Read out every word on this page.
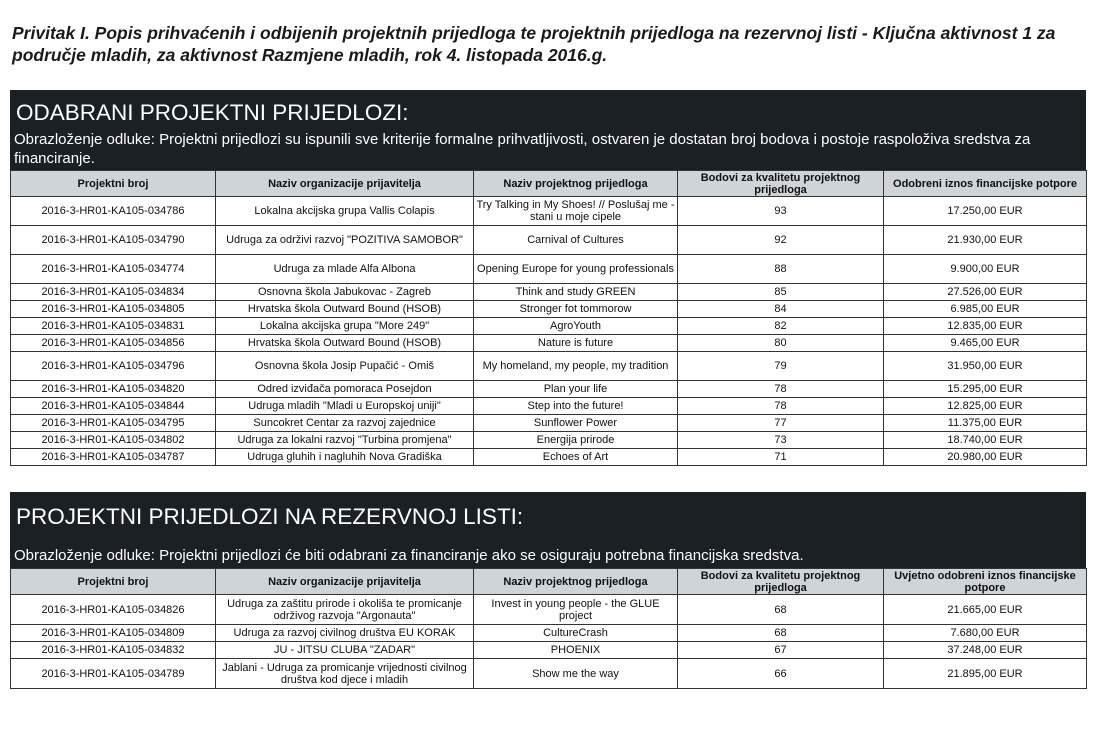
Privitak I. Popis prihvaćenih i odbijenih projektnih prijedloga te projektnih prijedloga na rezervnoj listi - Ključna aktivnost 1 za područje mladih, za aktivnost Razmjene mladih, rok 4. listopada 2016.g.
ODABRANI PROJEKTNI PRIJEDLOZI:
Obrazloženje odluke: Projektni prijedlozi su ispunili sve kriterije formalne prihvatljivosti, ostvaren je dostatan broj bodova i postoje raspoloživa sredstva za financiranje.
Projektni broj	Naziv organizacije prijavitelja	Naziv projektnog prijedloga	Bodovi za kvalitetu projektnog prijedloga	Odobreni iznos financijske potpore
2016-3-HR01-KA105-034786	Lokalna akcijska grupa Vallis Colapis	Try Talking in My Shoes! // Poslušaj me - stani u moje cipele	93	17.250,00 EUR
2016-3-HR01-KA105-034790	Udruga za održivi razvoj "POZITIVA SAMOBOR"	Carnival of Cultures	92	21.930,00 EUR
2016-3-HR01-KA105-034774	Udruga za mlade Alfa Albona	Opening Europe for young professionals	88	9.900,00 EUR
2016-3-HR01-KA105-034834	Osnovna škola Jabukovac - Zagreb	Think and study GREEN	85	27.526,00 EUR
2016-3-HR01-KA105-034805	Hrvatska škola Outward Bound (HSOB)	Stronger fot tommorow	84	6.985,00 EUR
2016-3-HR01-KA105-034831	Lokalna akcijska grupa "More 249"	AgroYouth	82	12.835,00 EUR
2016-3-HR01-KA105-034856	Hrvatska škola Outward Bound (HSOB)	Nature is future	80	9.465,00 EUR
2016-3-HR01-KA105-034796	Osnovna škola Josip Pupačić - Omiš	My homeland, my people, my tradition	79	31.950,00 EUR
2016-3-HR01-KA105-034820	Odred izviđača pomoraca Posejdon	Plan your life	78	15.295,00 EUR
2016-3-HR01-KA105-034844	Udruga mladih "Mladi u Europskoj uniji"	Step into the future!	78	12.825,00 EUR
2016-3-HR01-KA105-034795	Suncokret Centar za razvoj zajednice	Sunflower Power	77	11.375,00 EUR
2016-3-HR01-KA105-034802	Udruga za lokalni razvoj "Turbina promjena"	Energija prirode	73	18.740,00 EUR
2016-3-HR01-KA105-034787	Udruga gluhih i nagluhih Nova Gradiška	Echoes of Art	71	20.980,00 EUR
PROJEKTNI PRIJEDLOZI NA REZERVNOJ LISTI:
Obrazloženje odluke: Projektni prijedlozi će biti odabrani za financiranje ako se osiguraju potrebna financijska sredstva.
Projektni broj	Naziv organizacije prijavitelja	Naziv projektnog prijedloga	Bodovi za kvalitetu projektnog prijedloga	Uvjetno odobreni iznos financijske potpore
2016-3-HR01-KA105-034826	Udruga za zaštitu prirode i okoliša te promicanje održivog razvoja "Argonauta"	Invest in young people - the GLUE project	68	21.665,00 EUR
2016-3-HR01-KA105-034809	Udruga za razvoj civilnog društva EU KORAK	CultureCrash	68	7.680,00 EUR
2016-3-HR01-KA105-034832	JU - JITSU CLUBA "ZADAR"	PHOENIX	67	37.248,00 EUR
2016-3-HR01-KA105-034789	Jablani - Udruga za promicanje vrijednosti civilnog društva kod djece i mladih	Show me the way	66	21.895,00 EUR
